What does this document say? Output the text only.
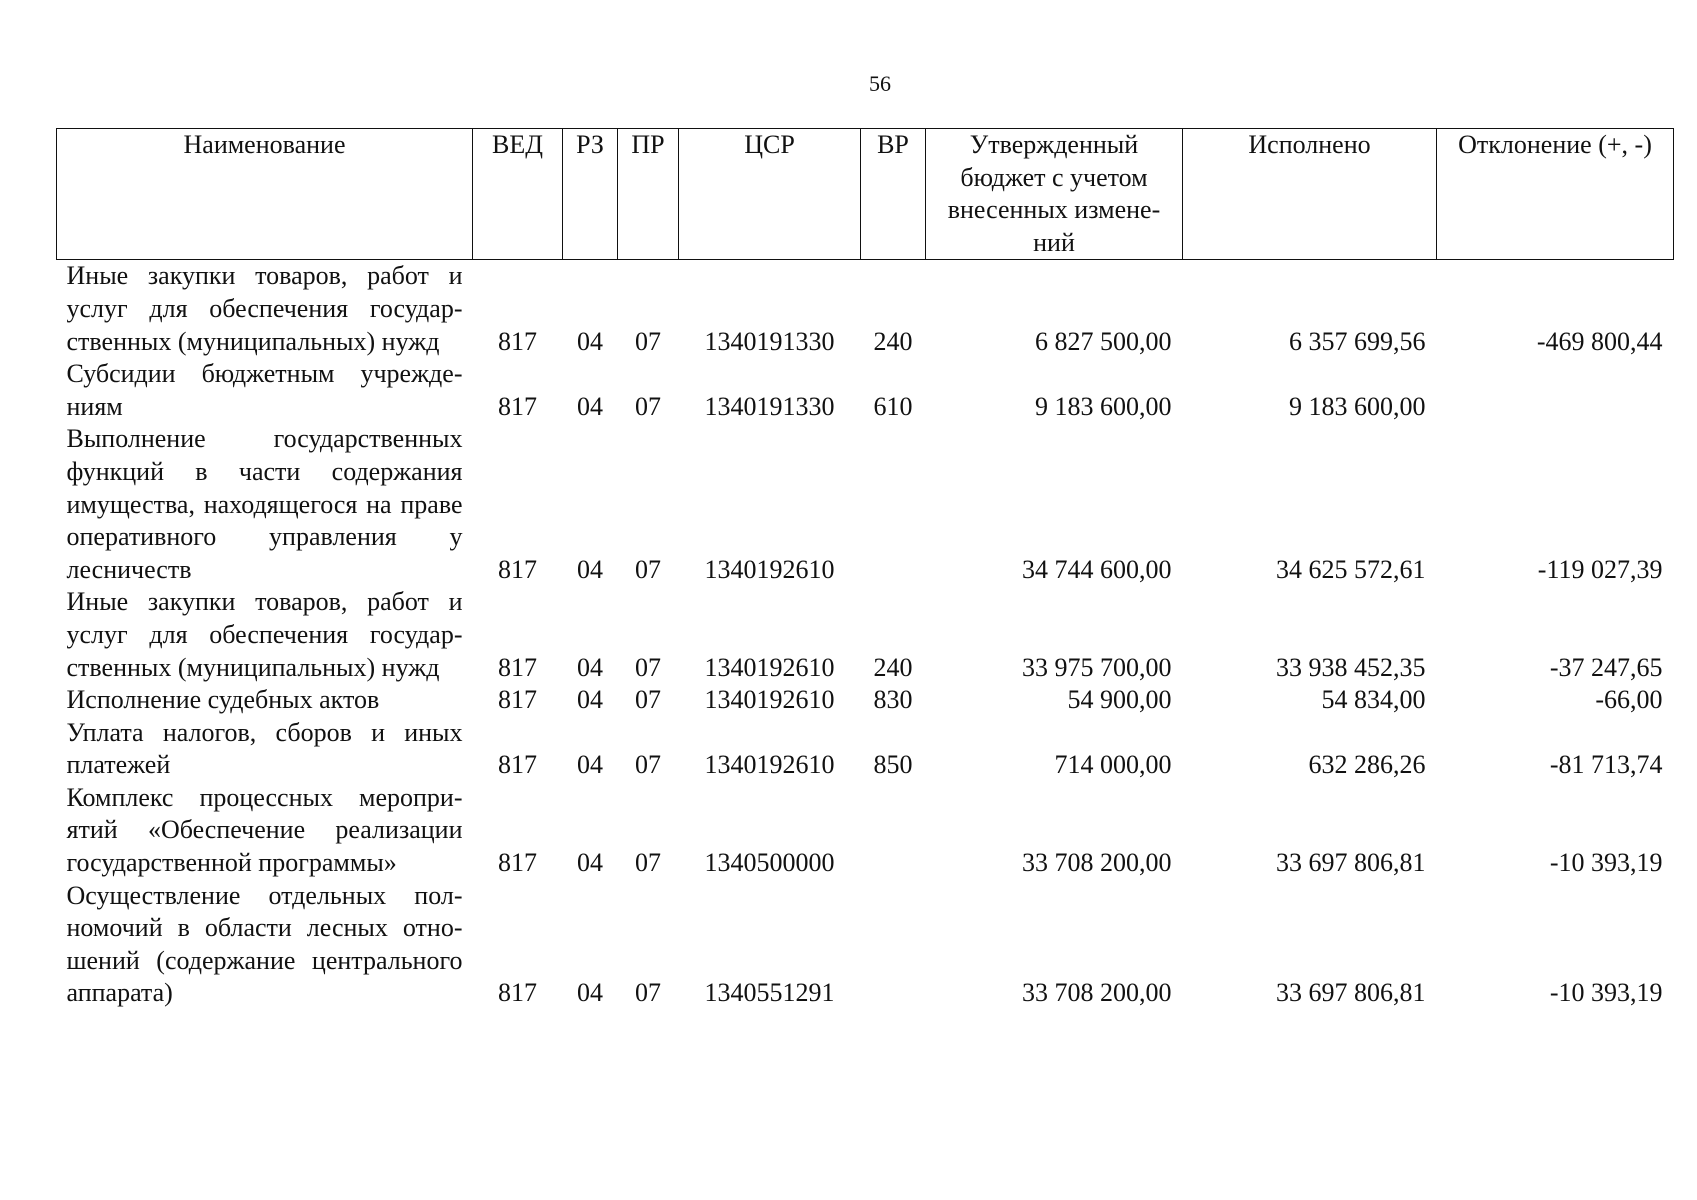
56
Наименование	ВЕД	РЗ	ПР	ЦСР	ВР	Утвержденный бюджет с учетом внесенных изменений	Исполнено	Отклонение (+, -)
Иные закупки товаров, работ и услуг для обеспечения государственных (муниципальных) нужд	817	04	07	1340191330	240	6 827 500,00	6 357 699,56	-469 800,44
Субсидии бюджетным учреждениям	817	04	07	1340191330	610	9 183 600,00	9 183 600,00	
Выполнение государственных функций в части содержания имущества, находящегося на праве оперативного управления у лесничеств	817	04	07	1340192610		34 744 600,00	34 625 572,61	-119 027,39
Иные закупки товаров, работ и услуг для обеспечения государственных (муниципальных) нужд	817	04	07	1340192610	240	33 975 700,00	33 938 452,35	-37 247,65
Исполнение судебных актов	817	04	07	1340192610	830	54 900,00	54 834,00	-66,00
Уплата налогов, сборов и иных платежей	817	04	07	1340192610	850	714 000,00	632 286,26	-81 713,74
Комплекс процессных мероприятий «Обеспечение реализации государственной программы»	817	04	07	1340500000		33 708 200,00	33 697 806,81	-10 393,19
Осуществление отдельных полномочий в области лесных отношений (содержание центрального аппарата)	817	04	07	1340551291		33 708 200,00	33 697 806,81	-10 393,19
